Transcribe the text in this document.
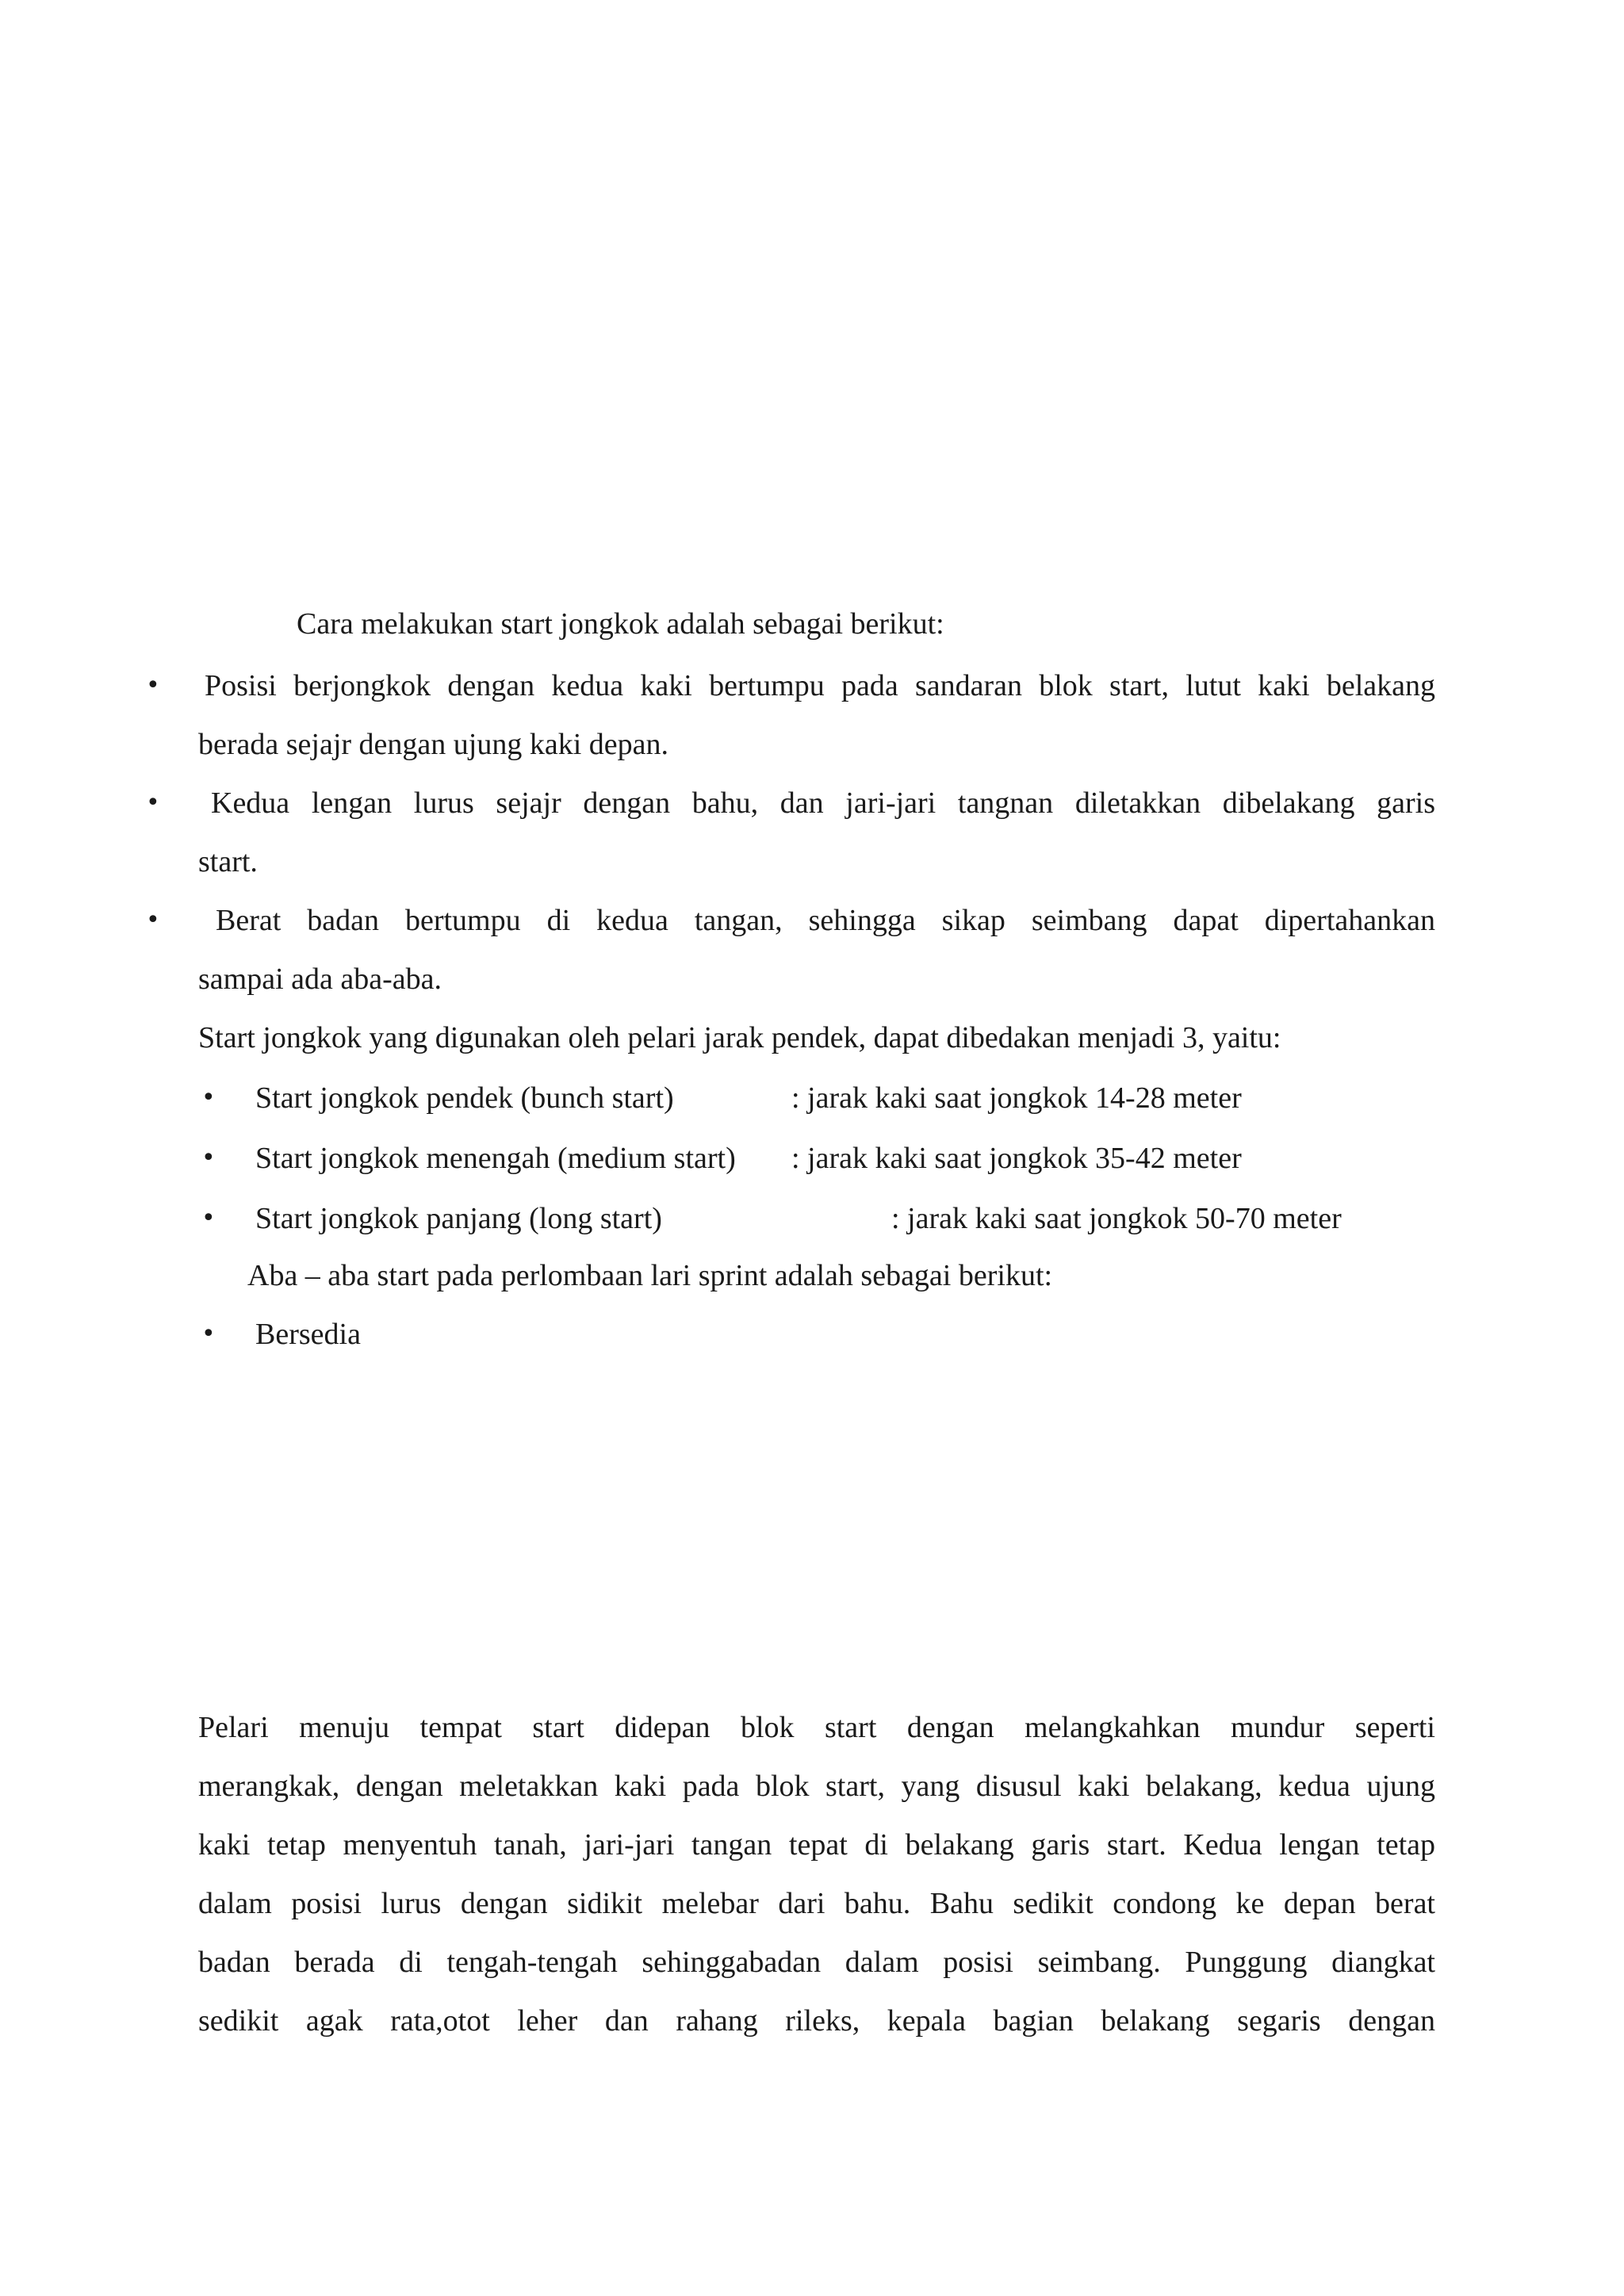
Cara melakukan start jongkok adalah sebagai berikut:
• Posisi berjongkok dengan kedua kaki bertumpu pada sandaran blok start, lutut kaki belakang
berada sejajr dengan ujung kaki depan.
• Kedua lengan lurus sejajr dengan bahu, dan jari-jari tangnan diletakkan dibelakang garis
start.
• Berat badan bertumpu di kedua tangan, sehingga sikap seimbang dapat dipertahankan
sampai ada aba-aba.
Start jongkok yang digunakan oleh pelari jarak pendek, dapat dibedakan menjadi 3, yaitu:
• Start jongkok pendek (bunch start)	: jarak kaki saat jongkok 14-28 meter
• Start jongkok menengah (medium start) : jarak kaki saat jongkok 35-42 meter
• Start jongkok panjang (long start)	: jarak kaki saat jongkok 50-70 meter
Aba – aba start pada perlombaan lari sprint adalah sebagai berikut:
• Bersedia
Pelari menuju tempat start didepan blok start dengan melangkahkan mundur seperti
merangkak, dengan meletakkan kaki pada blok start, yang disusul kaki belakang, kedua ujung
kaki tetap menyentuh tanah, jari-jari tangan tepat di belakang garis start. Kedua lengan tetap
dalam posisi lurus dengan sidikit melebar dari bahu. Bahu sedikit condong ke depan berat
badan berada di tengah-tengah sehinggabadan dalam posisi seimbang. Punggung diangkat
sedikit agak rata,otot leher dan rahang rileks, kepala bagian belakang segaris dengan
